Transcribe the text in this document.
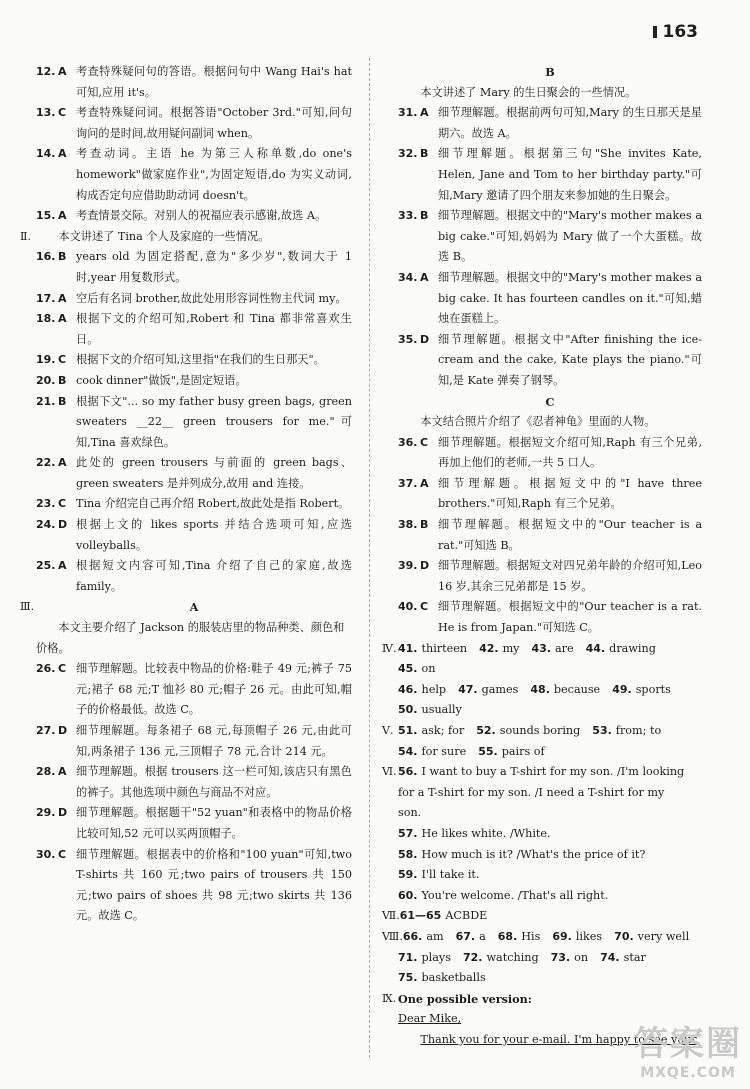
163
12. A 考查特殊疑问句的答语。根据问句中 Wang Hai's hat 可知,应用 it's。
13. C 考查特殊疑问词。根据答语"October 3rd."可知,问句询问的是时间,故用疑问副词 when。
14. A 考查动词。主语 he 为第三人称单数,do one's homework"做家庭作业",为固定短语,do 为实义动词,构成否定句应借助助动词 doesn't。
15. A 考查情景交际。对别人的祝福应表示感谢,故选 A。
Ⅱ.	本文讲述了 Tina 个人及家庭的一些情况。
16. B years old 为固定搭配,意为"多少岁",数词大于 1 时,year 用复数形式。
17. A 空后有名词 brother,故此处用形容词性物主代词 my。
18. A 根据下文的介绍可知,Robert 和 Tina 都非常喜欢生日。
19. C 根据下文的介绍可知,这里指"在我们的生日那天"。
20. B cook dinner"做饭",是固定短语。
21. B 根据下文"... so my father busy green bags, green sweaters __22__ green trousers for me."可知,Tina 喜欢绿色。
22. A 此处的 green trousers 与前面的 green bags、green sweaters 是并列成分,故用 and 连接。
23. C Tina 介绍完自己再介绍 Robert,故此处是指 Robert。
24. D 根据上文的 likes sports 并结合选项可知,应选 volleyballs。
25. A 根据短文内容可知,Tina 介绍了自己的家庭,故选 family。
Ⅲ.	A
本文主要介绍了 Jackson 的服装店里的物品种类、颜色和价格。
26. C 细节理解题。比较表中物品的价格:鞋子 49 元;裤子 75 元;裙子 68 元;T 恤衫 80 元;帽子 26 元。由此可知,帽子的价格最低。故选 C。
27. D 细节理解题。每条裙子 68 元,每顶帽子 26 元,由此可知,两条裙子 136 元,三顶帽子 78 元,合计 214 元。
28. A 细节理解题。根据 trousers 这一栏可知,该店只有黑色的裤子。其他选项中颜色与商品不对应。
29. D 细节理解题。根据题干"52 yuan"和表格中的物品价格比较可知,52 元可以买两顶帽子。
30. C 细节理解题。根据表中的价格和"100 yuan"可知,two T-shirts 共 160 元;two pairs of trousers 共 150 元;two pairs of shoes 共 98 元;two skirts 共 136 元。故选 C。
B
本文讲述了 Mary 的生日聚会的一些情况。
31. A 细节理解题。根据前两句可知,Mary 的生日那天是星期六。故选 A。
32. B 细节理解题。根据第三句"She invites Kate, Helen, Jane and Tom to her birthday party."可知,Mary 邀请了四个朋友来参加她的生日聚会。
33. B 细节理解题。根据文中的"Mary's mother makes a big cake."可知,妈妈为 Mary 做了一个大蛋糕。故选 B。
34. A 细节理解题。根据文中的"Mary's mother makes a big cake. It has fourteen candles on it."可知,蜡烛在蛋糕上。
35. D 细节理解题。根据文中"After finishing the ice-cream and the cake, Kate plays the piano."可知,是 Kate 弹奏了钢琴。
C
本文结合照片介绍了《忍者神龟》里面的人物。
36. C 细节理解题。根据短文介绍可知,Raph 有三个兄弟,再加上他们的老师,一共 5 口人。
37. A 细节理解题。根据短文中的"I have three brothers."可知,Raph 有三个兄弟。
38. B 细节理解题。根据短文中的"Our teacher is a rat."可知选 B。
39. D 细节理解题。根据短文对四兄弟年龄的介绍可知,Leo 16 岁,其余三兄弟都是 15 岁。
40. C 细节理解题。根据短文中的"Our teacher is a rat. He is from Japan."可知选 C。
Ⅳ. 41. thirteen	42. my	43. are	44. drawing
45. on
46. help	47. games	48. because	49. sports
50. usually
Ⅴ. 51. ask; for	52. sounds boring	53. from; to
54. for sure	55. pairs of
Ⅵ. 56. I want to buy a T-shirt for my son. /I'm looking for a T-shirt for my son. /I need a T-shirt for my son.
57. He likes white. /White.
58. How much is it? /What's the price of it?
59. I'll take it.
60. You're welcome. /That's all right.
Ⅶ. 61—65 ACBDE
Ⅷ. 66. am	67. a	68. His	69. likes	70. very well
71. plays	72. watching	73. on	74. star
75. basketballs
Ⅸ. One possible version:
Dear Mike,
Thank you for your e-mail. I'm happy to see your
答案圈
MXQE.COM
